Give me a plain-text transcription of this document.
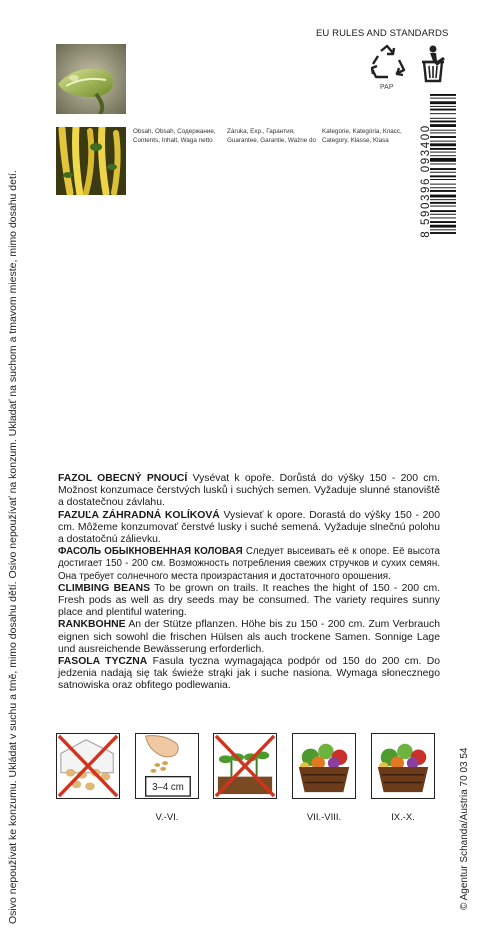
Osivo nepoužívat ke konzumu. Ukládat v suchu a tmě, mimo dosahu dětí. Osivo nepoužívať na konzum. Ukladať na suchom a tmavom mieste, mimo dosahu detí.
EU RULES AND STANDARDS
PAP
Obsah, Obsah, Содержание,
Contents, Inhalt, Waga netto
Záruka, Exp., Гарантия,
Guarantee, Garantie, Ważne do
Kategorie, Kategória, Класс,
Category, Klasse, Klasa	8 590396 093400

FAZOL OBECNÝ PNOUCÍ Vysévat k opoře. Dorůstá do výšky 150 - 200 cm. Možnost konzumace čerstvých lusků i suchých semen. Vyžaduje slunné stanoviště a dostatečnou závlahu.

FAZUĽA ZÁHRADNÁ KOLÍKOVÁ Vysievať k opore. Dorastá do výšky 150 - 200 cm. Môžeme konzumovať čerstvé lusky i suché semená. Vyžaduje slnečnú polohu a dostatočnú zálievku.

ФАСОЛЬ ОБЫКНОВЕННАЯ КОЛОВАЯ Следует высеивать её к опоре. Её высота достигает 150 - 200 см. Возможность потребления свежих стручков и сухих семян. Она требует солнечного места произрастания и достаточного орошения.

CLIMBING BEANS To be grown on trails. It reaches the hight of 150 - 200 cm. Fresh pods as well as dry seeds may be consumed. The variety requires sunny place and plentiful watering.

RANKBOHNE An der Stütze pflanzen. Höhe bis zu 150 - 200 cm. Zum Verbrauch eignen sich sowohl die frischen Hülsen als auch trockene Samen. Sonnige Lage und ausreichende Bewässerung erforderlich.

FASOLA TYCZNA Fasula tyczna wymagająca podpór od 150 do 200 cm. Do jedzenia nadają się tak świeże strąki jak i suche nasiona. Wymaga słonecznego satnowiska oraz obfitego podlewania.

3–4 cm
V.-VI.	VII.-VIII.	IX.-X.	© Agentur Schanda/Austria 70 03 54
